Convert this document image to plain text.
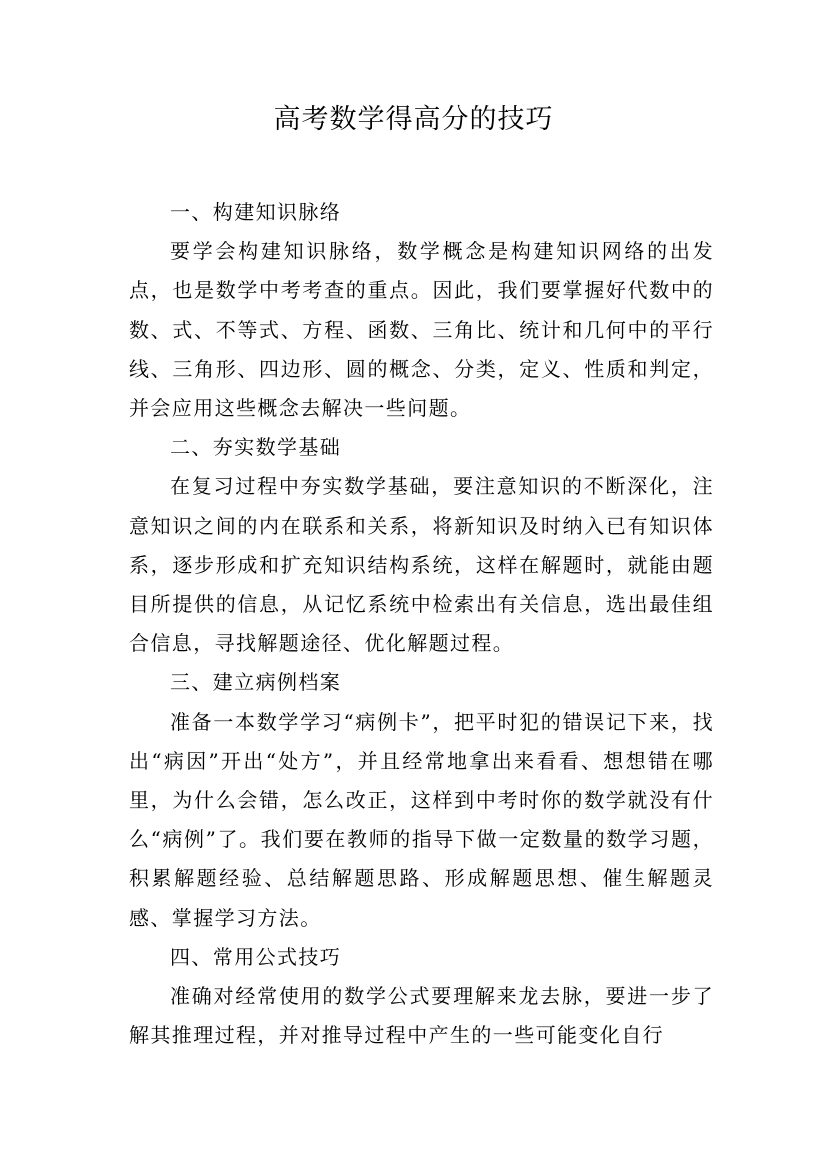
高考数学得高分的技巧

一、构建知识脉络

要学会构建知识脉络，数学概念是构建知识网络的出发点，也是数学中考考查的重点。因此，我们要掌握好代数中的数、式、不等式、方程、函数、三角比、统计和几何中的平行线、三角形、四边形、圆的概念、分类，定义、性质和判定，并会应用这些概念去解决一些问题。

二、夯实数学基础

在复习过程中夯实数学基础，要注意知识的不断深化，注意知识之间的内在联系和关系，将新知识及时纳入已有知识体系，逐步形成和扩充知识结构系统，这样在解题时，就能由题目所提供的信息，从记忆系统中检索出有关信息，选出最佳组合信息，寻找解题途径、优化解题过程。

三、建立病例档案

准备一本数学学习“病例卡”，把平时犯的错误记下来，找出“病因”开出“处方”，并且经常地拿出来看看、想想错在哪里，为什么会错，怎么改正，这样到中考时你的数学就没有什么“病例”了。我们要在教师的指导下做一定数量的数学习题，积累解题经验、总结解题思路、形成解题思想、催生解题灵感、掌握学习方法。

四、常用公式技巧

准确对经常使用的数学公式要理解来龙去脉，要进一步了解其推理过程，并对推导过程中产生的一些可能变化自行
